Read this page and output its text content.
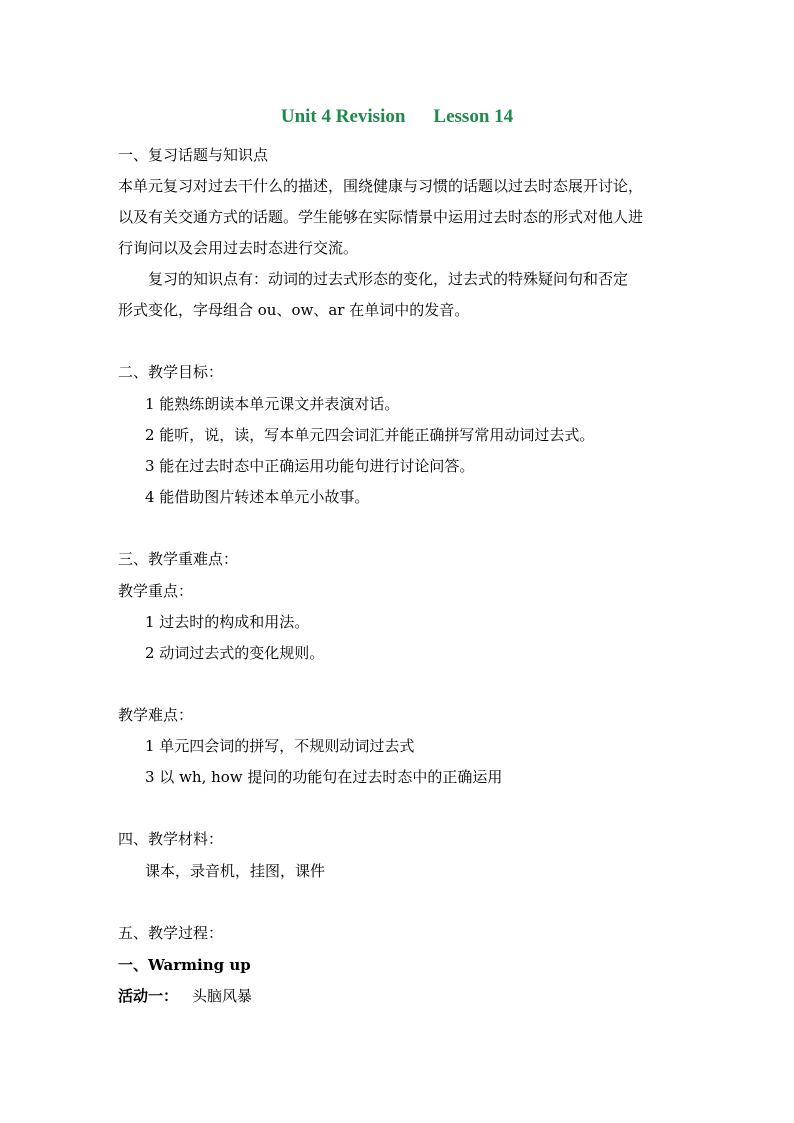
Unit 4 Revision Lesson 14
一、复习话题与知识点
本单元复习对过去干什么的描述，围绕健康与习惯的话题以过去时态展开讨论，
以及有关交通方式的话题。学生能够在实际情景中运用过去时态的形式对他人进
行询问以及会用过去时态进行交流。
复习的知识点有：动词的过去式形态的变化，过去式的特殊疑问句和否定
形式变化，字母组合 ou、ow、ar 在单词中的发音。
二、教学目标：
1 能熟练朗读本单元课文并表演对话。
2 能听，说，读，写本单元四会词汇并能正确拼写常用动词过去式。
3 能在过去时态中正确运用功能句进行讨论问答。
4 能借助图片转述本单元小故事。
三、教学重难点：
教学重点：
1 过去时的构成和用法。
2 动词过去式的变化规则。
教学难点：
1 单元四会词的拼写，不规则动词过去式
3 以 wh, how 提问的功能句在过去时态中的正确运用
四、教学材料：
课本，录音机，挂图，课件
五、教学过程：
一、Warming up
活动一： 头脑风暴
